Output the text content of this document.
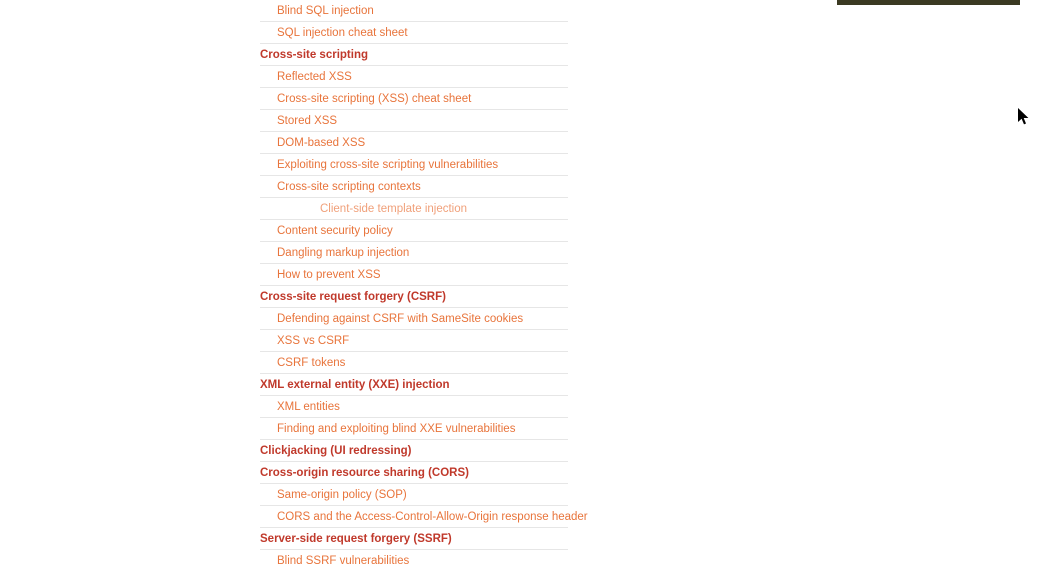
Blind SQL injection
SQL injection cheat sheet
Cross-site scripting
Reflected XSS
Cross-site scripting (XSS) cheat sheet
Stored XSS
DOM-based XSS
Exploiting cross-site scripting vulnerabilities
Cross-site scripting contexts
Client-side template injection
Content security policy
Dangling markup injection
How to prevent XSS
Cross-site request forgery (CSRF)
Defending against CSRF with SameSite cookies
XSS vs CSRF
CSRF tokens
XML external entity (XXE) injection
XML entities
Finding and exploiting blind XXE vulnerabilities
Clickjacking (UI redressing)
Cross-origin resource sharing (CORS)
Same-origin policy (SOP)
CORS and the Access-Control-Allow-Origin response header
Server-side request forgery (SSRF)
Blind SSRF vulnerabilities
